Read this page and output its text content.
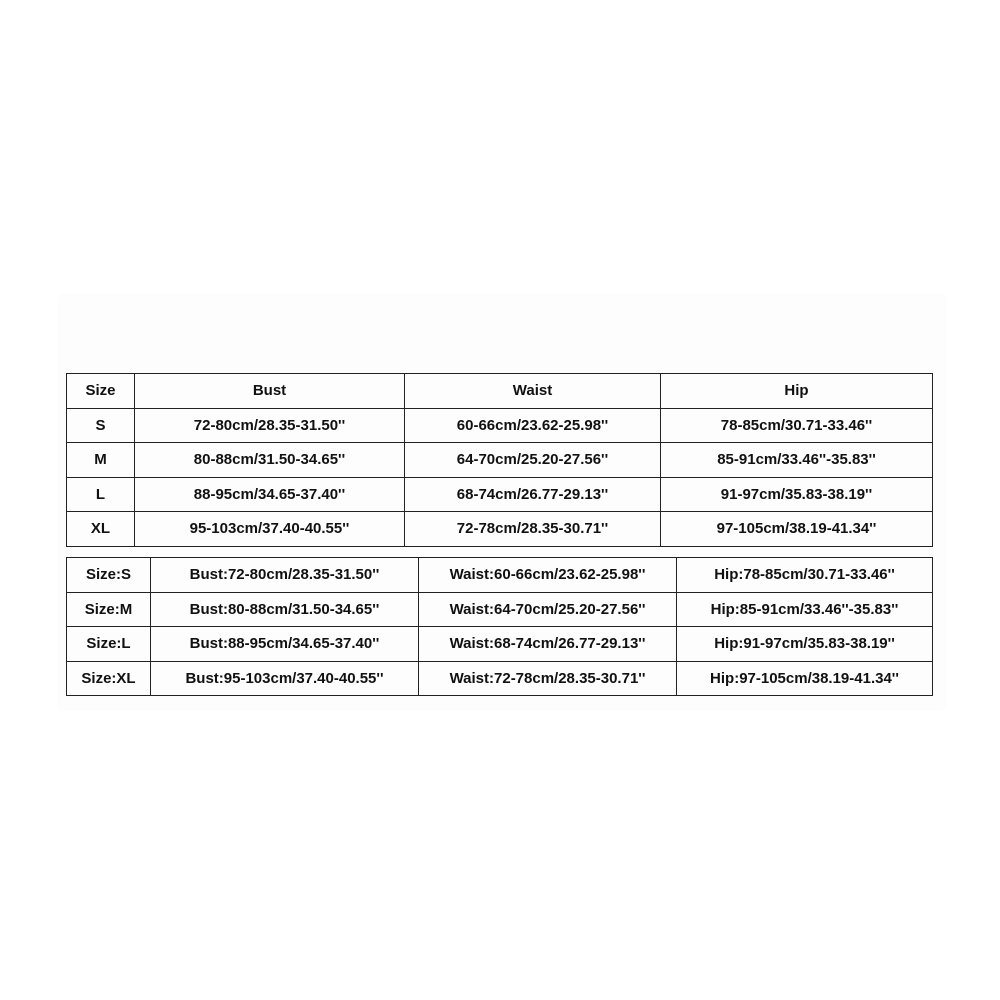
Size	Bust	Waist	Hip
S	72-80cm/28.35-31.50''	60-66cm/23.62-25.98''	78-85cm/30.71-33.46''
M	80-88cm/31.50-34.65''	64-70cm/25.20-27.56''	85-91cm/33.46''-35.83''
L	88-95cm/34.65-37.40''	68-74cm/26.77-29.13''	91-97cm/35.83-38.19''
XL	95-103cm/37.40-40.55''	72-78cm/28.35-30.71''	97-105cm/38.19-41.34''
Size:S	Bust:72-80cm/28.35-31.50''	Waist:60-66cm/23.62-25.98''	Hip:78-85cm/30.71-33.46''
Size:M	Bust:80-88cm/31.50-34.65''	Waist:64-70cm/25.20-27.56''	Hip:85-91cm/33.46''-35.83''
Size:L	Bust:88-95cm/34.65-37.40''	Waist:68-74cm/26.77-29.13''	Hip:91-97cm/35.83-38.19''
Size:XL	Bust:95-103cm/37.40-40.55''	Waist:72-78cm/28.35-30.71''	Hip:97-105cm/38.19-41.34''
